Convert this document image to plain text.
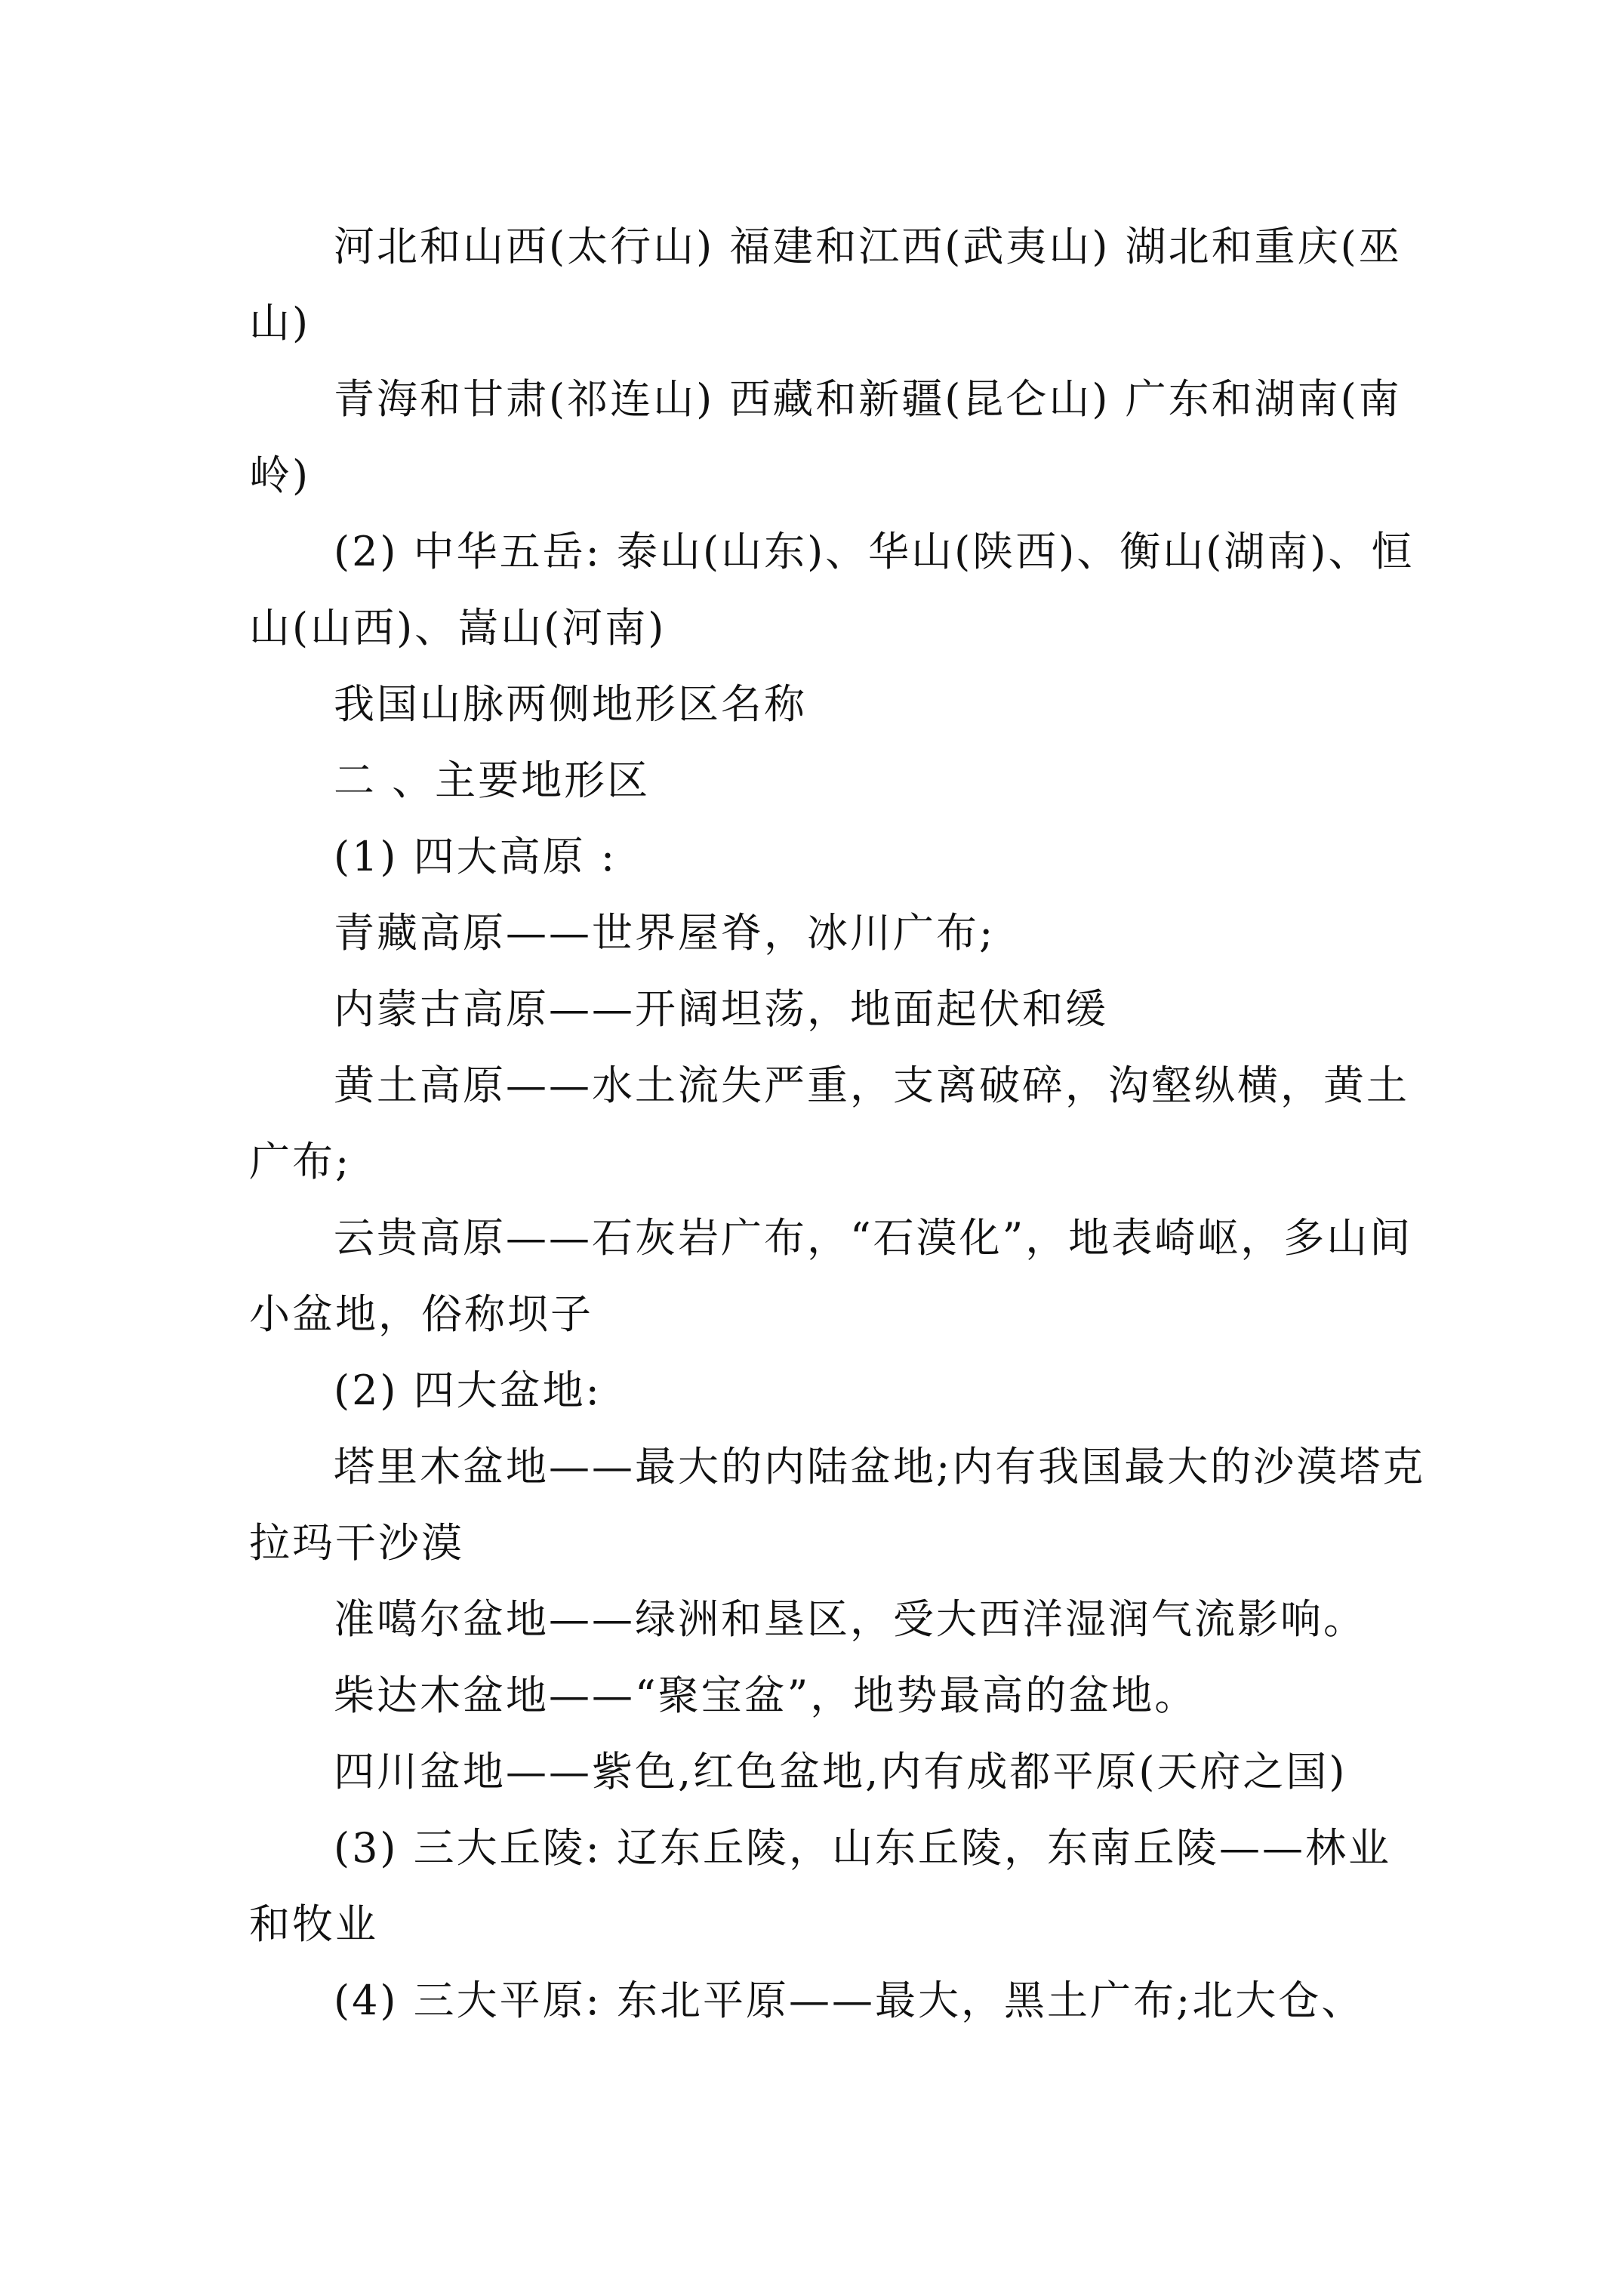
河北和山西(太行山) 福建和江西(武夷山) 湖北和重庆(巫山)

青海和甘肃(祁连山) 西藏和新疆(昆仑山) 广东和湖南(南岭)

(2) 中华五岳: 泰山(山东)、华山(陕西)、衡山(湖南)、恒山(山西)、嵩山(河南)

我国山脉两侧地形区名称

二 、主要地形区

(1) 四大高原 :

青藏高原——世界屋脊，冰川广布;

内蒙古高原——开阔坦荡，地面起伏和缓

黄土高原——水土流失严重，支离破碎，沟壑纵横，黄土广布;

云贵高原——石灰岩广布，“石漠化”，地表崎岖，多山间小盆地，俗称坝子

(2) 四大盆地:

塔里木盆地——最大的内陆盆地;内有我国最大的沙漠塔克拉玛干沙漠

准噶尔盆地——绿洲和垦区，受大西洋湿润气流影响。

柴达木盆地——“聚宝盆”，地势最高的盆地。

四川盆地——紫色,红色盆地,内有成都平原(天府之国)

(3) 三大丘陵: 辽东丘陵，山东丘陵，东南丘陵——林业和牧业

(4) 三大平原: 东北平原——最大，黑土广布;北大仓、
